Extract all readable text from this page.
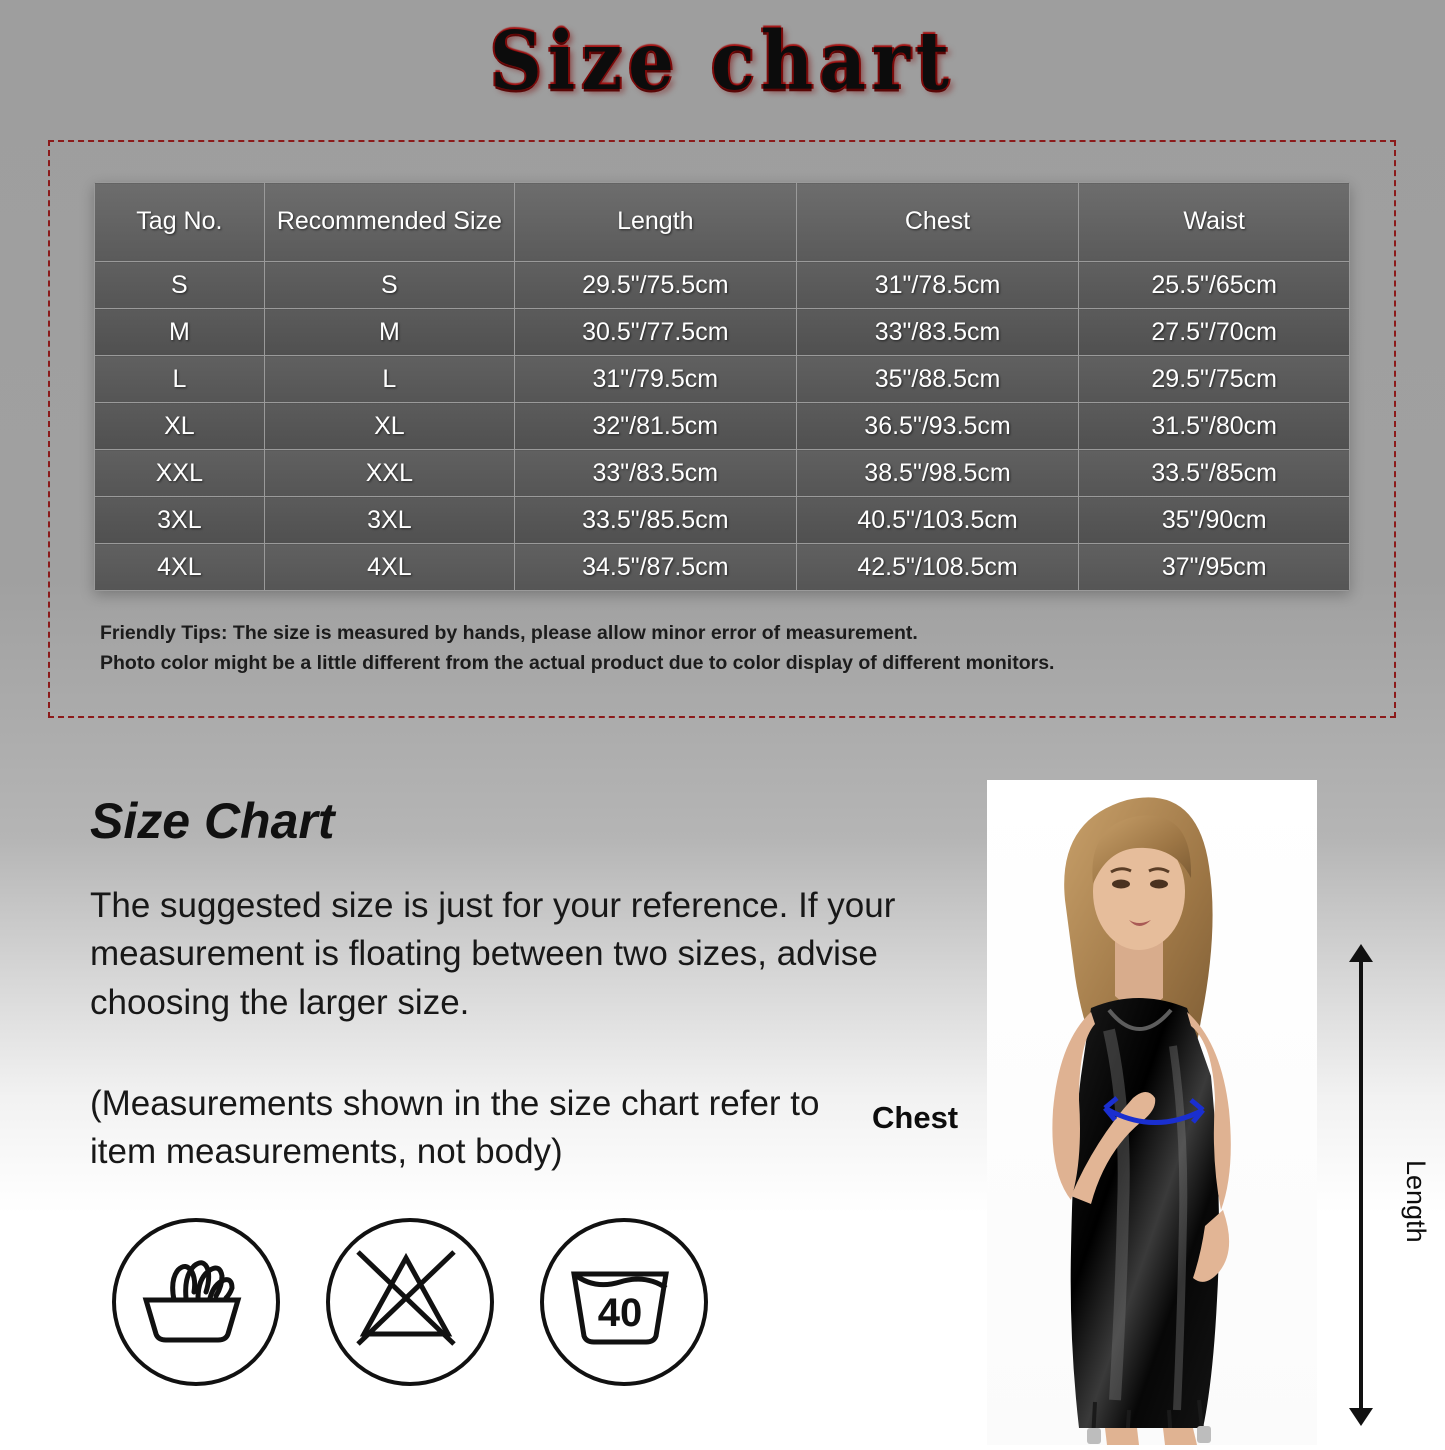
Size chart
Tag No.	Recommended Size	Length	Chest	Waist
S	S	29.5"/75.5cm	31"/78.5cm	25.5"/65cm
M	M	30.5"/77.5cm	33"/83.5cm	27.5"/70cm
L	L	31"/79.5cm	35"/88.5cm	29.5"/75cm
XL	XL	32"/81.5cm	36.5"/93.5cm	31.5"/80cm
XXL	XXL	33"/83.5cm	38.5"/98.5cm	33.5"/85cm
3XL	3XL	33.5"/85.5cm	40.5"/103.5cm	35"/90cm
4XL	4XL	34.5"/87.5cm	42.5"/108.5cm	37"/95cm
Friendly Tips: The size is measured by hands, please allow minor error of measurement.
Photo color might be a little different from the actual product due to color display of different monitors.
Size Chart
The suggested size is just for your reference. If your measurement is floating between two sizes, advise choosing the larger size.
(Measurements shown in the size chart refer to item measurements, not body)
40
Chest
Length
